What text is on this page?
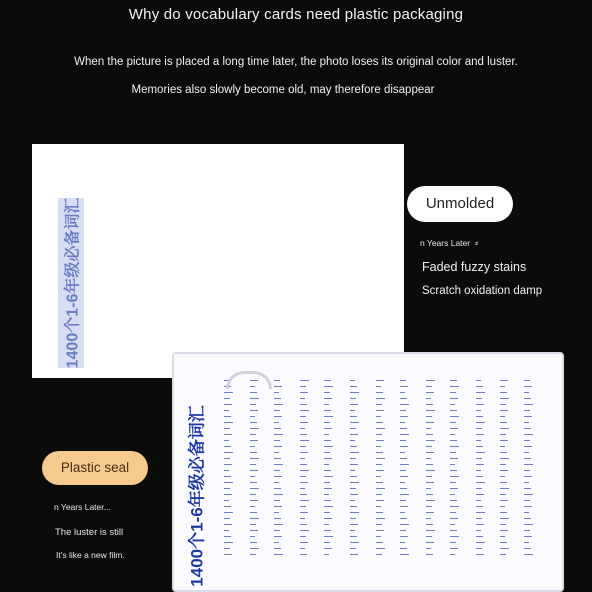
Why do vocabulary cards need plastic packaging
When the picture is placed a long time later, the photo loses its original color and luster.
Memories also slowly become old, may therefore disappear
1400个1-6年级必备词汇
1400个1-6年级必备词汇
Unmolded
n Years Later ⸗
Faded fuzzy stains
Scratch oxidation damp
Plastic seal
n Years Later...
The luster is still
It's like a new film.
